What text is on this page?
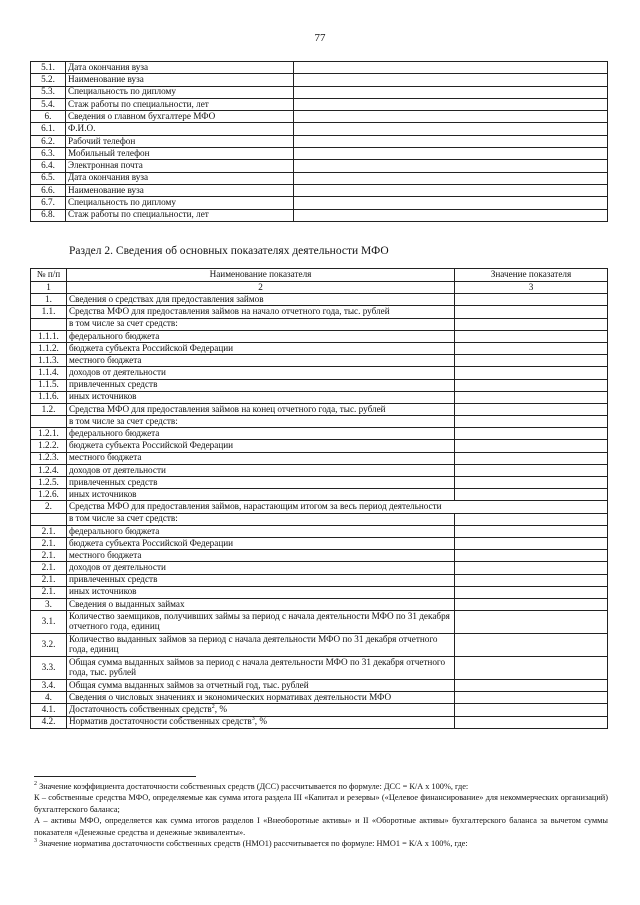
77
5.1.	Дата окончания вуза	
5.2.	Наименование вуза	
5.3.	Специальность по диплому	
5.4.	Стаж работы по специальности, лет	
6.	Сведения о главном бухгалтере МФО	
6.1.	Ф.И.О.	
6.2.	Рабочий телефон	
6.3.	Мобильный телефон	
6.4.	Электронная почта	
6.5.	Дата окончания вуза	
6.6.	Наименование вуза	
6.7.	Специальность по диплому	
6.8.	Стаж работы по специальности, лет	
Раздел 2. Сведения об основных показателях деятельности МФО
№ п/п	Наименование показателя	Значение показателя
1	2	3
1.	Сведения о средствах для предоставления займов	
1.1.	Средства МФО для предоставления займов на начало отчетного года, тыс. рублей	
	в том числе за счет средств:	
1.1.1.	федерального бюджета	
1.1.2.	бюджета субъекта Российской Федерации	
1.1.3.	местного бюджета	
1.1.4.	доходов от деятельности	
1.1.5.	привлеченных средств	
1.1.6.	иных источников	
1.2.	Средства МФО для предоставления займов на конец отчетного года, тыс. рублей	
	в том числе за счет средств:	
1.2.1.	федерального бюджета	
1.2.2.	бюджета субъекта Российской Федерации	
1.2.3.	местного бюджета	
1.2.4.	доходов от деятельности	
1.2.5.	привлеченных средств	
1.2.6.	иных источников	
2.	Средства МФО для предоставления займов, нарастающим итогом за весь период деятельности	
	в том числе за счет средств:	
2.1.	федерального бюджета	
2.1.	бюджета субъекта Российской Федерации	
2.1.	местного бюджета	
2.1.	доходов от деятельности	
2.1.	привлеченных средств	
2.1.	иных источников	
3.	Сведения о выданных займах	
3.1.	Количество заемщиков, получивших займы за период с начала деятельности МФО по 31 декабря отчетного года, единиц	
3.2.	Количество выданных займов за период с начала деятельности МФО по 31 декабря отчетного года, единиц	
3.3.	Общая сумма выданных займов за период с начала деятельности МФО по 31 декабря отчетного года, тыс. рублей	
3.4.	Общая сумма выданных займов за отчетный год, тыс. рублей	
4.	Сведения о числовых значениях и экономических нормативах деятельности МФО	
4.1.	Достаточность собственных средств$^2$, %	
4.2.	Норматив достаточности собственных средств$^3$, %	

$^2$ Значение коэффициента достаточности собственных средств (ДСС) рассчитывается по формуле: ДСС = К/А х 100%, где:

К – собственные средства МФО, определяемые как сумма итога раздела III «Капитал и резервы» («Целевое финансирование» для некоммерческих организаций) бухгалтерского баланса;

А – активы МФО, определяется как сумма итогов разделов I «Внеоборотные активы» и II «Оборотные активы» бухгалтерского баланса за вычетом суммы показателя «Денежные средства и денежные эквиваленты».

$^3$ Значение норматива достаточности собственных средств (НМО1) рассчитывается по формуле: НМО1 = К/А х 100%, где:
